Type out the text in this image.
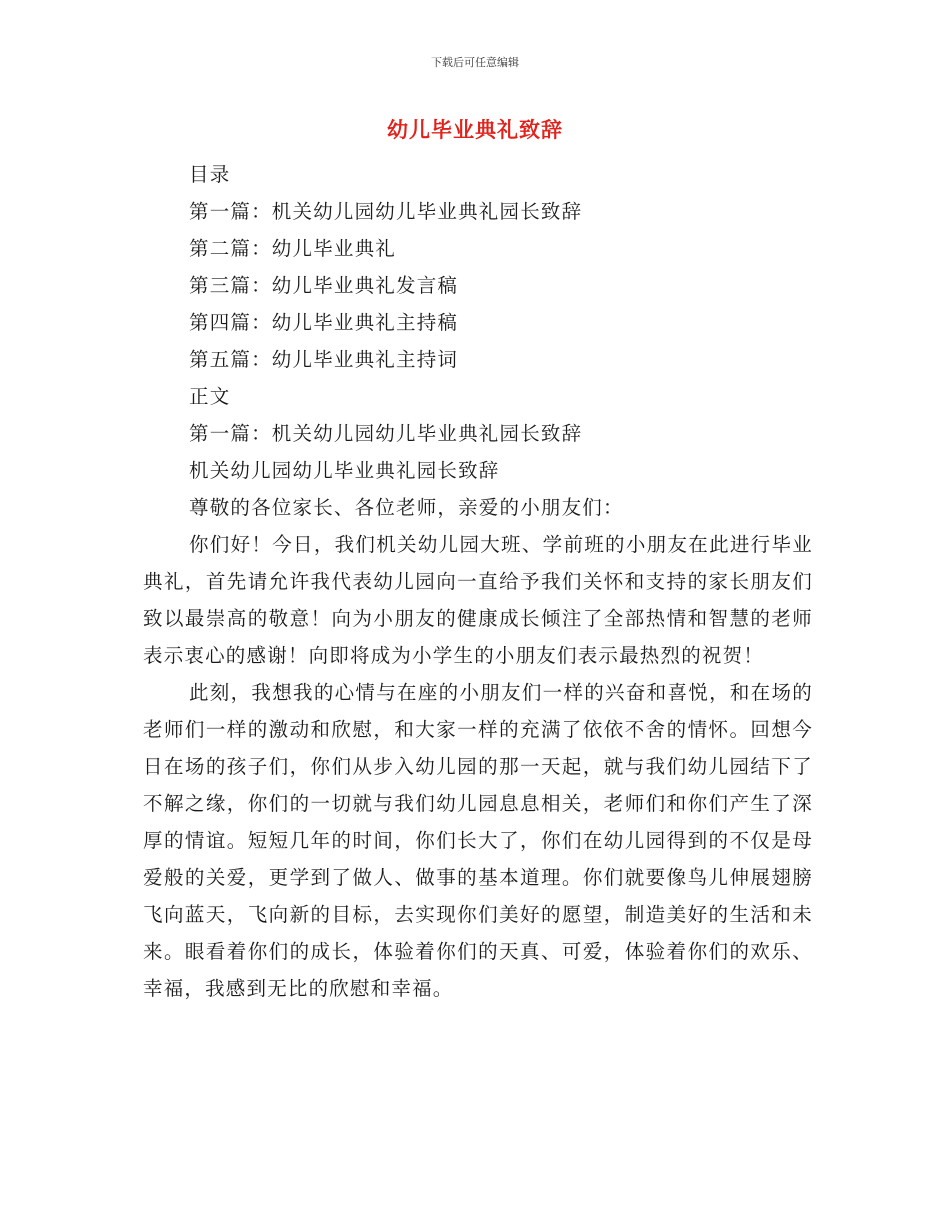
下载后可任意编辑
幼儿毕业典礼致辞
目录
第一篇：机关幼儿园幼儿毕业典礼园长致辞
第二篇：幼儿毕业典礼
第三篇：幼儿毕业典礼发言稿
第四篇：幼儿毕业典礼主持稿
第五篇：幼儿毕业典礼主持词
正文
第一篇：机关幼儿园幼儿毕业典礼园长致辞
机关幼儿园幼儿毕业典礼园长致辞
尊敬的各位家长、各位老师，亲爱的小朋友们：

你们好！今日，我们机关幼儿园大班、学前班的小朋友在此进行毕业典礼，首先请允许我代表幼儿园向一直给予我们关怀和支持的家长朋友们致以最崇高的敬意！向为小朋友的健康成长倾注了全部热情和智慧的老师表示衷心的感谢！向即将成为小学生的小朋友们表示最热烈的祝贺！

此刻，我想我的心情与在座的小朋友们一样的兴奋和喜悦，和在场的老师们一样的激动和欣慰，和大家一样的充满了依依不舍的情怀。回想今日在场的孩子们，你们从步入幼儿园的那一天起，就与我们幼儿园结下了不解之缘，你们的一切就与我们幼儿园息息相关，老师们和你们产生了深厚的情谊。短短几年的时间，你们长大了，你们在幼儿园得到的不仅是母爱般的关爱，更学到了做人、做事的基本道理。你们就要像鸟儿伸展翅膀飞向蓝天，飞向新的目标，去实现你们美好的愿望，制造美好的生活和未来。眼看着你们的成长，体验着你们的天真、可爱，体验着你们的欢乐、幸福，我感到无比的欣慰和幸福。
